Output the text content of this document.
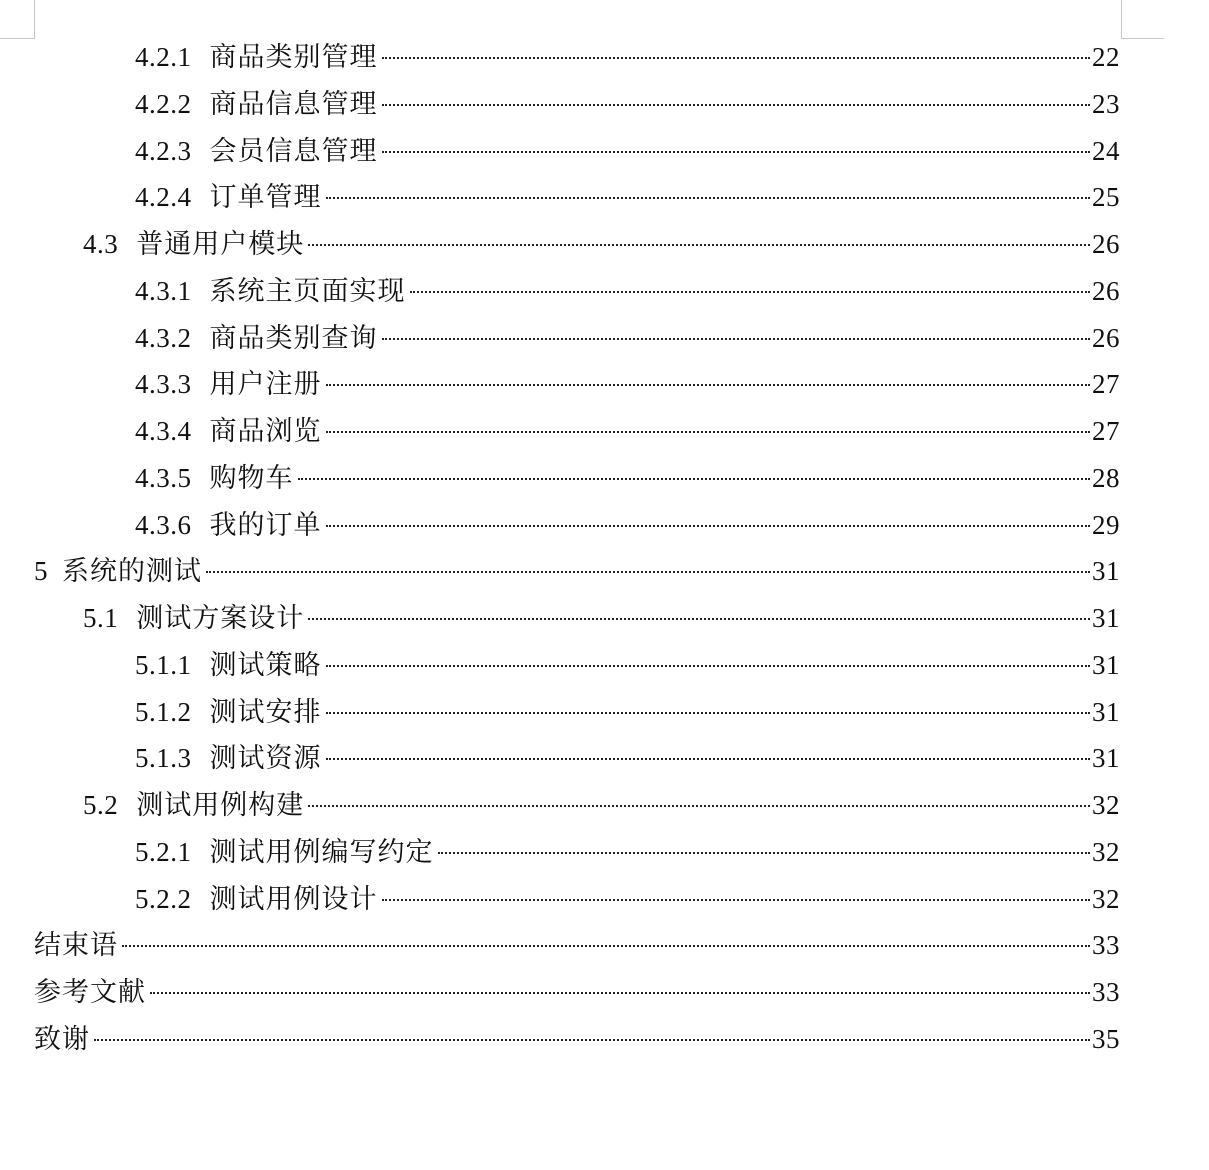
4.2.1 商品类别管理	22
4.2.2 商品信息管理	23
4.2.3 会员信息管理	24
4.2.4 订单管理	25
4.3 普通用户模块	26
4.3.1 系统主页面实现	26
4.3.2 商品类别查询	26
4.3.3 用户注册	27
4.3.4 商品浏览	27
4.3.5 购物车	28
4.3.6 我的订单	29
5 系统的测试	31
5.1 测试方案设计	31
5.1.1 测试策略	31
5.1.2 测试安排	31
5.1.3 测试资源	31
5.2 测试用例构建	32
5.2.1 测试用例编写约定	32
5.2.2 测试用例设计	32
结束语	33
参考文献	33
致谢	35
